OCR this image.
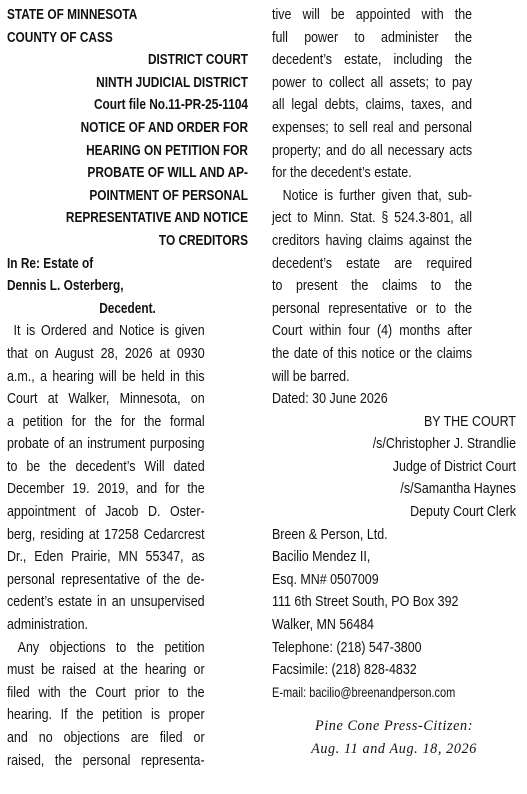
STATE OF MINNESOTA
COUNTY OF CASS
DISTRICT COURT
NINTH JUDICIAL DISTRICT
Court file No.11-PR-25-1104
NOTICE OF AND ORDER FOR
HEARING ON PETITION FOR
PROBATE OF WILL AND AP-
POINTMENT OF PERSONAL
REPRESENTATIVE AND NOTICE
TO CREDITORS
In Re: Estate of
Dennis L. Osterberg,
Decedent.
It is Ordered and Notice is given
that on August 28, 2026 at 0930
a.m., a hearing will be held in this
Court at Walker, Minnesota, on
a petition for the for the formal
probate of an instrument purposing
to be the decedent’s Will dated
December 19. 2019, and for the
appointment of Jacob D. Oster-
berg, residing at 17258 Cedarcrest
Dr., Eden Prairie, MN 55347, as
personal representative of the de-
cedent’s estate in an unsupervised
administration.
Any objections to the petition
must be raised at the hearing or
filed with the Court prior to the
hearing. If the petition is proper
and no objections are filed or
raised, the personal representa-
tive will be appointed with the
full power to administer the
decedent’s estate, including the
power to collect all assets; to pay
all legal debts, claims, taxes, and
expenses; to sell real and personal
property; and do all necessary acts
for the decedent’s estate.
Notice is further given that, sub-
ject to Minn. Stat. § 524.3-801, all
creditors having claims against the
decedent’s estate are required
to present the claims to the
personal representative or to the
Court within four (4) months after
the date of this notice or the claims
will be barred.
Dated: 30 June 2026
BY THE COURT
/s/Christopher J. Strandlie
Judge of District Court
/s/Samantha Haynes
Deputy Court Clerk
Breen & Person, Ltd.
Bacilio Mendez II,
Esq. MN# 0507009
111 6th Street South, PO Box 392
Walker, MN 56484
Telephone: (218) 547-3800
Facsimile: (218) 828-4832
E-mail: bacilio@breenandperson.com
Pine Cone Press-Citizen:
Aug. 11 and Aug. 18, 2026
